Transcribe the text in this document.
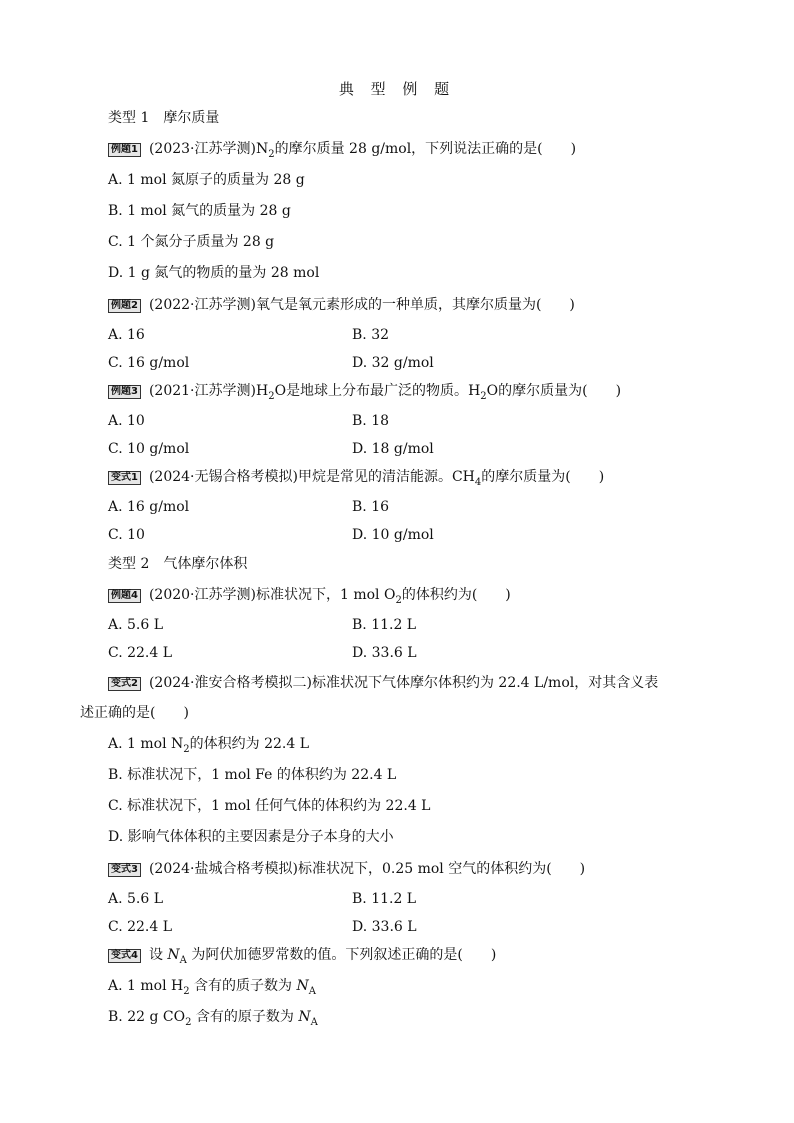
典 型 例 题
类型 1 摩尔质量
例题1 (2023·江苏学测)$N_2$的摩尔质量 28 g/mol，下列说法正确的是(　　)
A. 1 mol 氮原子的质量为 28 g
B. 1 mol 氮气的质量为 28 g
C. 1 个氮分子质量为 28 g
D. 1 g 氮气的物质的量为 28 mol
例题2 (2022·江苏学测)氧气是氧元素形成的一种单质，其摩尔质量为(　　)
A. 16	B. 32
C. 16 g/mol	D. 32 g/mol
例题3 (2021·江苏学测)$H_2O$是地球上分布最广泛的物质。$H_2O$的摩尔质量为(　　)
A. 10	B. 18
C. 10 g/mol	D. 18 g/mol
变式1 (2024·无锡合格考模拟)甲烷是常见的清洁能源。$CH_4$的摩尔质量为(　　)
A. 16 g/mol	B. 16
C. 10	D. 10 g/mol
类型 2 气体摩尔体积
例题4 (2020·江苏学测)标准状况下，1 mol $O_2$的体积约为(　　)
A. 5.6 L	B. 11.2 L
C. 22.4 L	D. 33.6 L
变式2 (2024·淮安合格考模拟二)标准状况下气体摩尔体积约为 22.4 L/mol，对其含义表
述正确的是(　　)
A. 1 mol $N_2$的体积约为 22.4 L
B. 标准状况下，1 mol Fe 的体积约为 22.4 L
C. 标准状况下，1 mol 任何气体的体积约为 22.4 L
D. 影响气体体积的主要因素是分子本身的大小
变式3 (2024·盐城合格考模拟)标准状况下，0.25 mol 空气的体积约为(　　)
A. 5.6 L	B. 11.2 L
C. 22.4 L	D. 33.6 L
变式4 设 $N_A$ 为阿伏加德罗常数的值。下列叙述正确的是(　　)
A. 1 mol $H_2$ 含有的质子数为 $N_A$
B. 22 g $CO_2$ 含有的原子数为 $N_A$
